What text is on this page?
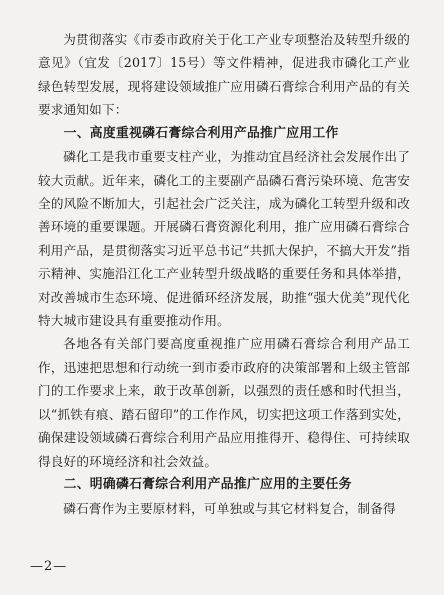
为贯彻落实《市委市政府关于化工产业专项整治及转型升级的意见》（宜发〔2017〕15号）等文件精神，促进我市磷化工产业绿色转型发展，现将建设领域推广应用磷石膏综合利用产品的有关要求通知如下：

一、高度重视磷石膏综合利用产品推广应用工作

磷化工是我市重要支柱产业，为推动宜昌经济社会发展作出了较大贡献。近年来，磷化工的主要副产品磷石膏污染环境、危害安全的风险不断加大，引起社会广泛关注，成为磷化工转型升级和改善环境的重要课题。开展磷石膏资源化利用，推广应用磷石膏综合利用产品，是贯彻落实习近平总书记“共抓大保护，不搞大开发”指示精神、实施沿江化工产业转型升级战略的重要任务和具体举措，对改善城市生态环境、促进循环经济发展，助推“强大优美”现代化特大城市建设具有重要推动作用。

各地各有关部门要高度重视推广应用磷石膏综合利用产品工作，迅速把思想和行动统一到市委市政府的决策部署和上级主管部门的工作要求上来，敢于改革创新，以强烈的责任感和时代担当，以“抓铁有痕、踏石留印”的工作作风，切实把这项工作落到实处，确保建设领域磷石膏综合利用产品应用推得开、稳得住、可持续取得良好的环境经济和社会效益。

二、明确磷石膏综合利用产品推广应用的主要任务

磷石膏作为主要原材料，可单独或与其它材料复合，制备得

—2—
